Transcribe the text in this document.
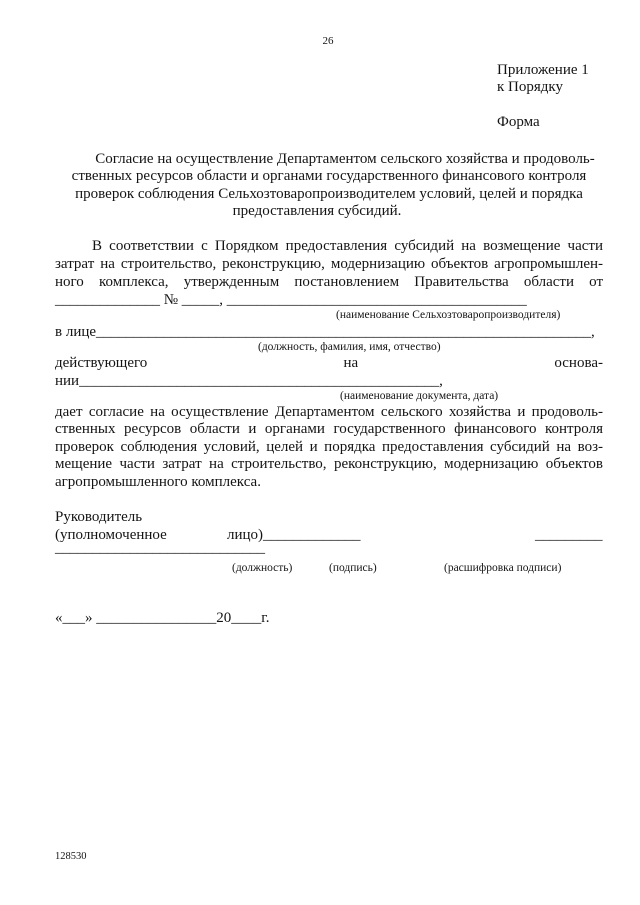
26
Приложение 1
к Порядку
Форма
Согласие на осуществление Департаментом сельского хозяйства и продоволь-
ственных ресурсов области и органами государственного финансового контроля
проверок соблюдения Сельхозтоваропроизводителем условий, целей и порядка
предоставления субсидий.
В соответствии с Порядком предоставления субсидий на возмещение части
затрат на строительство, реконструкцию, модернизацию объектов агропромышлен-
ного комплекса, утвержденным постановлением Правительства области от
______________ № _____, ________________________________________
(наименование Сельхозтоваропроизводителя)
в лице__________________________________________________________________,
(должность, фамилия, имя, отчество)
действующего на основа-
нии________________________________________________,
(наименование документа, дата)
дает согласие на осуществление Департаментом сельского хозяйства и продоволь-
ственных ресурсов области и органами государственного финансового контроля
проверок соблюдения условий, целей и порядка предоставления субсидий на воз-
мещение части затрат на строительство, реконструкцию, модернизацию объектов
агропромышленного комплекса.
Руководитель
(уполномоченное	лицо)_____________	_________
____________________________
(должность)	(подпись)	(расшифровка подписи)
«___» ________________20____г.
128530
